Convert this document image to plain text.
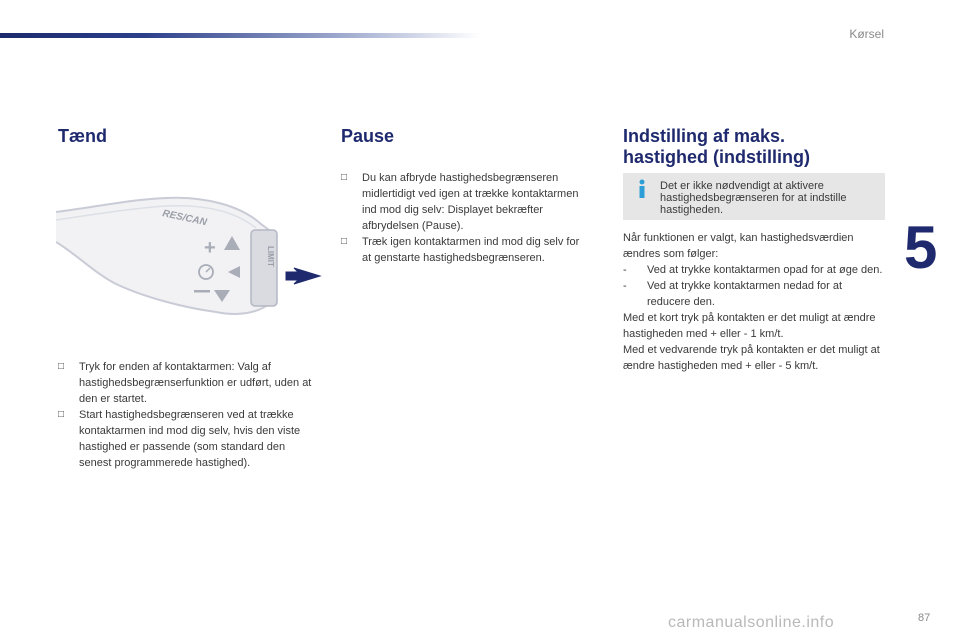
Kørsel
5
Tænd
RES/CAN
+	LIMIT
□ Tryk for enden af kontaktarmen: Valg af hastighedsbegrænserfunktion er udført, uden at den er startet.
□ Start hastighedsbegrænseren ved at trække kontaktarmen ind mod dig selv, hvis den viste hastighed er passende (som standard den senest programmerede hastighed).
Pause
□ Du kan afbryde hastighedsbegrænseren midlertidigt ved igen at trække kontaktarmen ind mod dig selv: Displayet bekræfter afbrydelsen (Pause).
□ Træk igen kontaktarmen ind mod dig selv for at genstarte hastighedsbegrænseren.
Indstilling af maks.
hastighed (indstilling)
Det er ikke nødvendigt at aktivere hastighedsbegrænseren for at indstille hastigheden.
Når funktionen er valgt, kan hastighedsværdien ændres som følger:
- Ved at trykke kontaktarmen opad for at øge den.
- Ved at trykke kontaktarmen nedad for at reducere den.
Med et kort tryk på kontakten er det muligt at ændre hastigheden med + eller - 1 km/t.
Med et vedvarende tryk på kontakten er det muligt at ændre hastigheden med + eller - 5 km/t.
carmanualsonline.info	87
